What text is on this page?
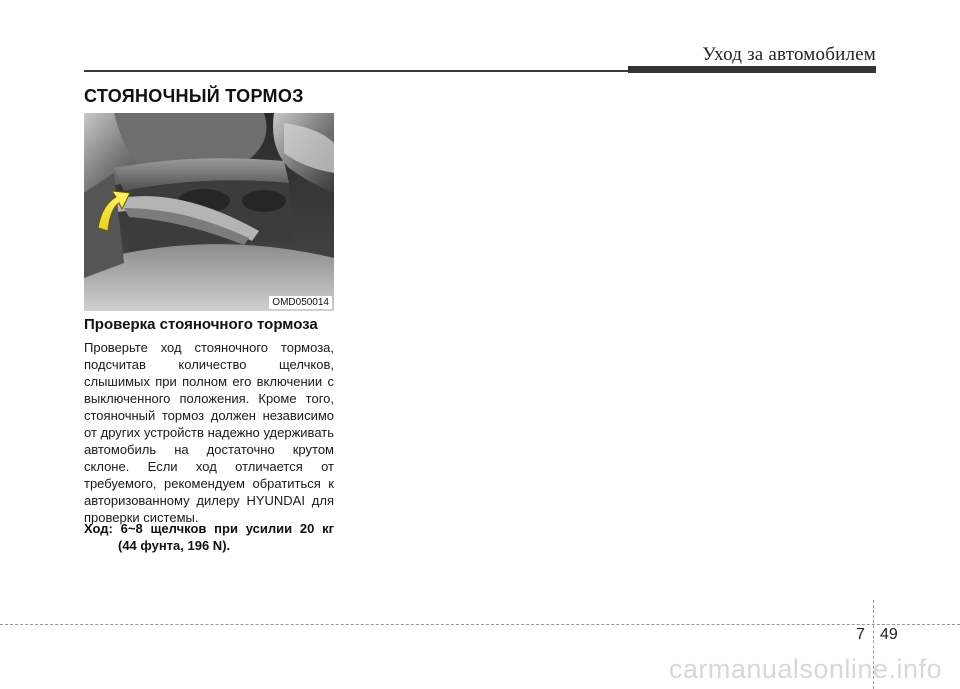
Уход за автомобилем
СТОЯНОЧНЫЙ ТОРМОЗ
OMD050014
Проверка стояночного тормоза
Проверьте ход стояночного тормоза, подсчитав количество щелчков, слышимых при полном его включении с выключенного положения. Кроме того, стояночный тормоз должен независимо от других устройств надежно удерживать автомобиль на достаточно крутом склоне. Если ход отличается от требуемого, рекомендуем обратиться к авторизованному дилеру HYUNDAI для проверки системы.
Ход: 6~8 щелчков при усилии 20 кг
(44 фунта, 196 N).
7 49
carmanualsonline.info
